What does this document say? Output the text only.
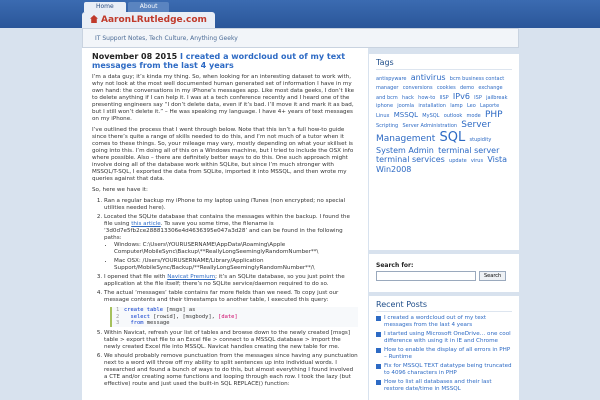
Home	About
AaronLRutledge.com
IT Support Notes, Tech Culture, Anything Geeky
November 08 2015 I created a wordcloud out of my text messages from the last 4 years

I’m a data guy; it’s kinda my thing. So, when looking for an interesting dataset to work with, why not look at the most well documented human generated set of information I have in my own hand: the conversations in my iPhone’s messages app. Like most data geeks, I don’t like to delete anything if I can help it. I was at a tech conference recently and I heard one of the presenting engineers say “I don’t delete data, even if it’s bad. I’ll move it and mark it as bad, but I still won’t delete it.” – He was speaking my language. I have 4+ years of text messages on my iPhone.

I’ve outlined the process that I went through below. Note that this isn’t a full how-to guide since there’s quite a range of skills needed to do this, and I’m not much of a tutor when it comes to these things. So, your mileage may vary, mostly depending on what your skillset is going into this. I’m doing all of this on a Windows machine, but I tried to include the OSX info where possible. Also – there are definitely better ways to do this. One such approach might involve doing all of the database work within SQLite, but since I’m much stronger with MSSQL/T-SQL, I exported the data from SQLite, imported it into MSSQL, and then wrote my queries against that data.

So, here we have it:

1. Ran a regular backup my iPhone to my laptop using iTunes (non encrypted; no special utilities needed here).
2. Located the SQLite database that contains the messages within the backup. I found the file using this article. To save you some time, the filename is ‘3d0d7e5fb2ce288813306e4d4636395e047a3d28’ and can be found in the following paths:
• Windows: C:\Users\YOURUSERNAME\AppData\Roaming\Apple Computer\MobileSync\Backup\**ReallyLongSeeminglyRandomNumber**\
• Mac OSX: /Users/YOURUSERNAME/Library/Application Support/MobileSync/Backup/**ReallyLongSeeminglyRandomNumber**/\
3. I opened that file with Navicat Premium; it’s an SQLite database, so you just point the application at the file itself; there’s no SQLite service/daemon required to do so.
4. The actual ‘messages’ table contains far more fields than we need. To copy just our message contents and their timestamps to another table, I executed this query:
1 create table [msgs] as
2 select [rowid], [msgbody], [date]
3 from message
5. Within Navicat, refresh your list of tables and browse down to the newly created [msgs] table > export that file to an Excel file > connect to a MSSQL database > import the newly created Excel file into MSSQL. Navicat handles creating the new table for me.
6. We should probably remove punctuation from the messages since having any punctuation next to a word will throw off my ability to split sentences up into individual words. I researched and found a bunch of ways to do this, but almost everything I found involved a CTE and/or creating some functions and looping through each row. I took the lazy (but effective) route and just used the built-in SQL REPLACE() function:
Tags
antispyware antivirus bcm business contact manager conversions cookies demo exchange and bcm hack how-to IISP IPv6 ISP jailbreak iphone joomla installation lamp Leo Laporte Linux MSSQL MySQL outlook mode PHP Scripting Server Administration Server Management SQL stupidity System Admin terminal server terminal services update virus Vista Win2008
Search for:
Search
Recent Posts
I created a wordcloud out of my text messages from the last 4 years
I started using Microsoft OneDrive… one cool difference with using it in IE and Chrome
How to enable the display of all errors in PHP – Runtime
Fix for MSSQL TEXT datatype being truncated to 4096 characters in PHP
How to list all databases and their last restore date/time in MSSQL
